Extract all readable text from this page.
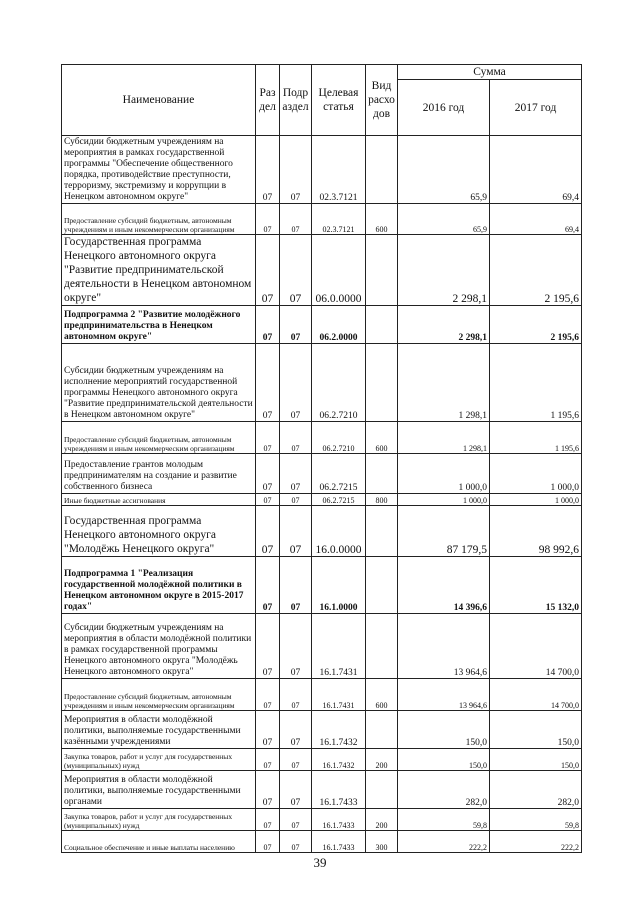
Наименование	Раз дел	Подр аздел	Целевая статья	Вид расхо дов	Сумма	
					2016 год	2017 год
Субсидии бюджетным учреждениям на мероприятия в рамках государственной программы "Обеспечение общественного порядка, противодействие преступности, терроризму, экстремизму и коррупции в Ненецком автономном округе"	07	07	02.3.7121		65,9	69,4
Предоставление субсидий бюджетным, автономным учреждениям и иным некоммерческим организациям	07	07	02.3.7121	600	65,9	69,4
Государственная программа Ненецкого автономного округа "Развитие предпринимательской деятельности в Ненецком автономном округе"	07	07	06.0.0000		2 298,1	2 195,6
Подпрограмма 2 "Развитие молодёжного предпринимательства в Ненецком автономном округе"	07	07	06.2.0000		2 298,1	2 195,6
Субсидии бюджетным учреждениям на исполнение мероприятий государственной программы Ненецкого автономного округа "Развитие предпринимательской деятельности в Ненецком автономном округе"	07	07	06.2.7210		1 298,1	1 195,6
Предоставление субсидий бюджетным, автономным учреждениям и иным некоммерческим организациям	07	07	06.2.7210	600	1 298,1	1 195,6
Предоставление грантов молодым предпринимателям на создание и развитие собственного бизнеса	07	07	06.2.7215		1 000,0	1 000,0
Иные бюджетные ассигнования	07	07	06.2.7215	800	1 000,0	1 000,0
Государственная программа Ненецкого автономного округа "Молодёжь Ненецкого округа"	07	07	16.0.0000		87 179,5	98 992,6
Подпрограмма 1 "Реализация государственной молодёжной политики в Ненецком автономном округе в 2015-2017 годах"	07	07	16.1.0000		14 396,6	15 132,0
Субсидии бюджетным учреждениям на мероприятия в области молодёжной политики в рамках государственной программы Ненецкого автономного округа "Молодёжь Ненецкого автономного округа"	07	07	16.1.7431		13 964,6	14 700,0
Предоставление субсидий бюджетным, автономным учреждениям и иным некоммерческим организациям	07	07	16.1.7431	600	13 964,6	14 700,0
Мероприятия в области молодёжной политики, выполняемые государственными казёнными учреждениями	07	07	16.1.7432		150,0	150,0
Закупка товаров, работ и услуг для государственных (муниципальных) нужд	07	07	16.1.7432	200	150,0	150,0
Мероприятия в области молодёжной политики, выполняемые государственными органами	07	07	16.1.7433		282,0	282,0
Закупка товаров, работ и услуг для государственных (муниципальных) нужд	07	07	16.1.7433	200	59,8	59,8
Социальное обеспечение и иные выплаты населению	07	07	16.1.7433	300	222,2	222,2
39
